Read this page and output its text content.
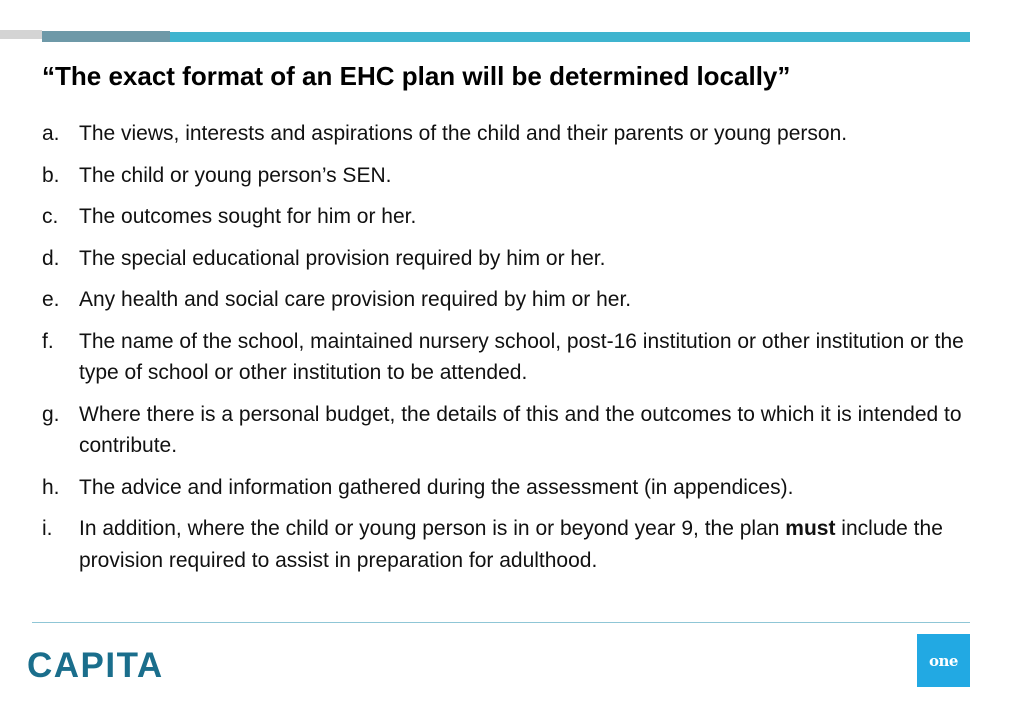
“The exact format of an EHC plan will be determined locally”
a. The views, interests and aspirations of the child and their parents or young person.
b. The child or young person’s SEN.
c. The outcomes sought for him or her.
d. The special educational provision required by him or her.
e. Any health and social care provision required by him or her.
f.	The name of the school, maintained nursery school, post-16 institution or other institution or the type of school or other institution to be attended.
g. Where there is a personal budget, the details of this and the outcomes to which it is intended to contribute.
h. The advice and information gathered during the assessment (in appendices).
i.	In addition, where the child or young person is in or beyond year 9, the plan must include the provision required to assist in preparation for adulthood.
CAPITA	one
